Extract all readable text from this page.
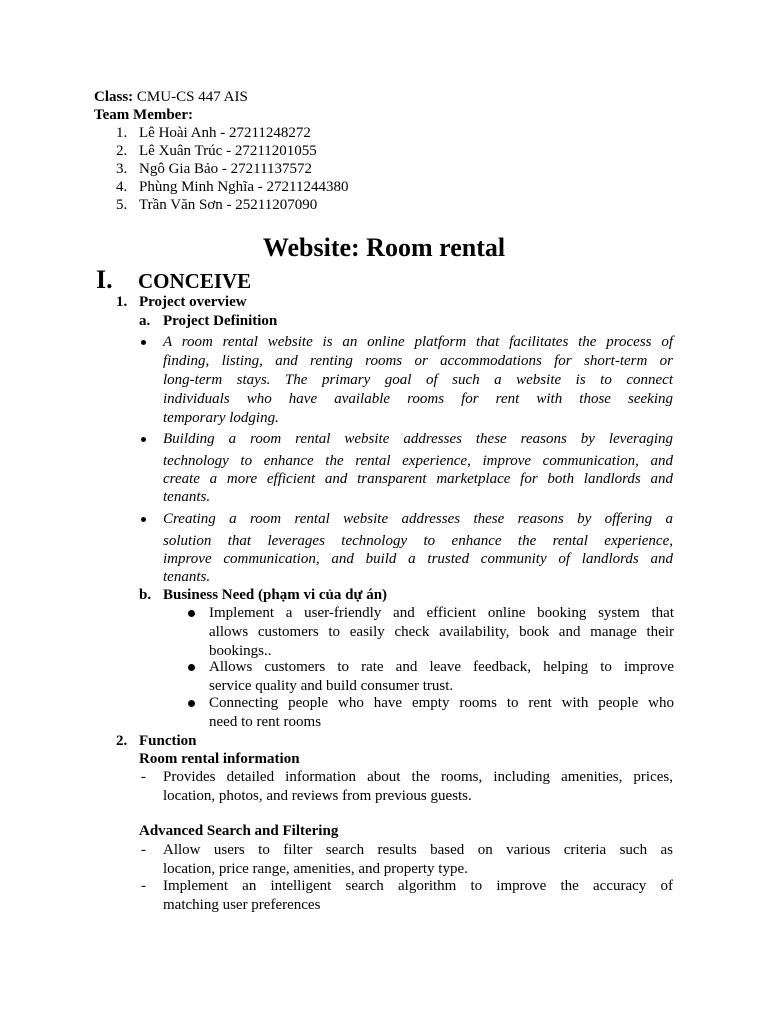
Class: CMU-CS 447 AIS
Team Member:
1. Lê Hoài Anh - 27211248272
2. Lê Xuân Trúc - 27211201055
3. Ngô Gia Bảo - 27211137572
4. Phùng Minh Nghĩa - 27211244380
5. Trần Văn Sơn - 25211207090
Website: Room rental
I. CONCEIVE
1. Project overview
a. Project Definition
A room rental website is an online platform that facilitates the process of
finding, listing, and renting rooms or accommodations for short-term or
long-term stays. The primary goal of such a website is to connect
individuals who have available rooms for rent with those seeking
temporary lodging.
Building a room rental website addresses these reasons by leveraging
technology to enhance the rental experience, improve communication, and
create a more efficient and transparent marketplace for both landlords and
tenants.
Creating a room rental website addresses these reasons by offering a
solution that leverages technology to enhance the rental experience,
improve communication, and build a trusted community of landlords and
tenants.
b. Business Need (phạm vi của dự án)
Implement a user-friendly and efficient online booking system that
allows customers to easily check availability, book and manage their
bookings..
Allows customers to rate and leave feedback, helping to improve
service quality and build consumer trust.
Connecting people who have empty rooms to rent with people who
need to rent rooms
2. Function
Room rental information
- Provides detailed information about the rooms, including amenities, prices,
location, photos, and reviews from previous guests.
Advanced Search and Filtering
- Allow users to filter search results based on various criteria such as
location, price range, amenities, and property type.
- Implement an intelligent search algorithm to improve the accuracy of
matching user preferences
